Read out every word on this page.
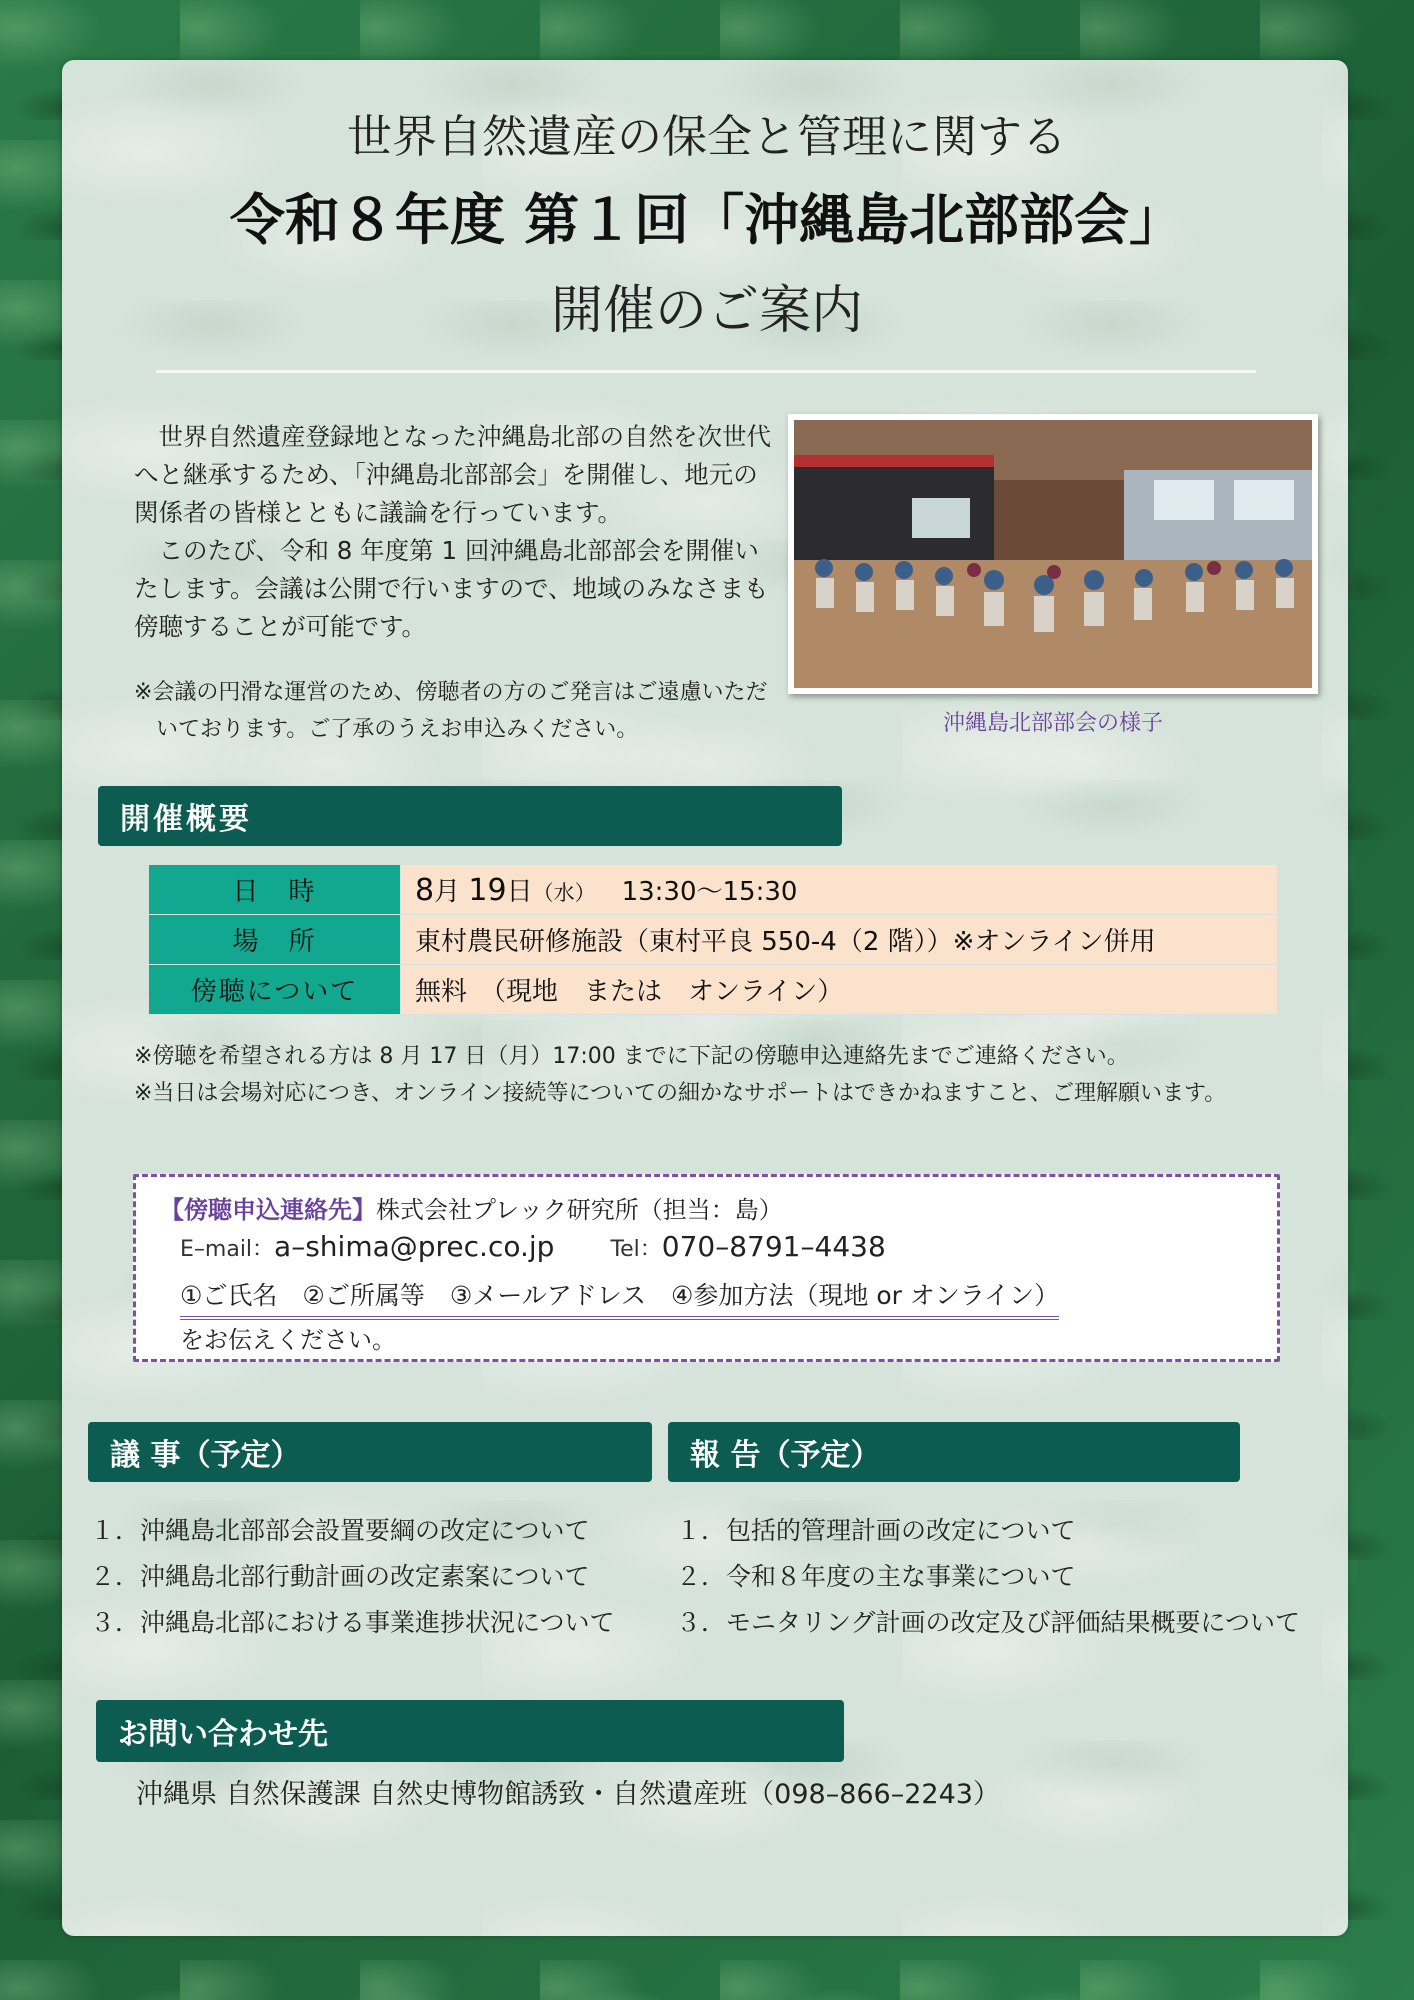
世界自然遺産の保全と管理に関する
令和８年度 第１回「沖縄島北部部会」
開催のご案内

世界自然遺産登録地となった沖縄島北部の自然を次世代へと継承するため、「沖縄島北部部会」を開催し、地元の関係者の皆様とともに議論を行っています。

このたび、令和 8 年度第 1 回沖縄島北部部会を開催いたします。会議は公開で行いますので、地域のみなさまも傍聴することが可能です。

※会議の円滑な運営のため、傍聴者の方のご発言はご遠慮いただいております。ご了承のうえお申込みください。	沖縄島北部部会の様子
開催概要
日　時	8月 19日（水）  13:30～15:30
場　所	東村農民研修施設（東村平良 550-4（2 階））※オンライン併用
傍聴について	無料　（現地　または　オンライン）
※傍聴を希望される方は 8 月 17 日（月）17:00 までに下記の傍聴申込連絡先までご連絡ください。
※当日は会場対応につき、オンライン接続等についての細かなサポートはできかねますこと、ご理解願います。
【傍聴申込連絡先】株式会社プレック研究所（担当：島）
E–mail：a–shima@prec.co.jp  	Tel：070–8791–4438
①ご氏名　②ご所属等　③メールアドレス　④参加方法（現地 or オンライン）
をお伝えください。
議 事（予定）	報 告（予定）
１．沖縄島北部部会設置要綱の改定について
２．沖縄島北部行動計画の改定素案について
３．沖縄島北部における事業進捗状況について
１．包括的管理計画の改定について
２．令和８年度の主な事業について
３．モニタリング計画の改定及び評価結果概要について
お問い合わせ先
沖縄県 自然保護課 自然史博物館誘致・自然遺産班（098–866–2243）
